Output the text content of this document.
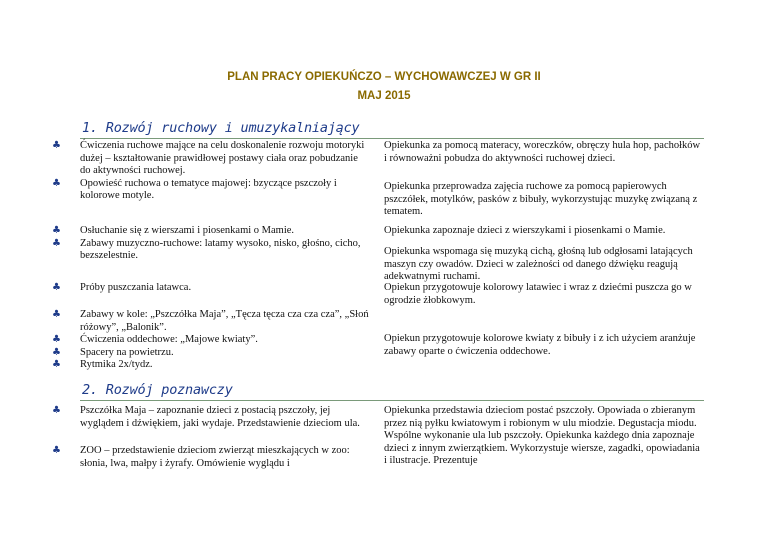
PLAN PRACY OPIEKUŃCZO – WYCHOWAWCZEJ W GR II
MAJ 2015
1. Rozwój ruchowy i umuzykalniający
♣ Ćwiczenia ruchowe mające na celu doskonalenie rozwoju motoryki dużej – kształtowanie prawidłowej postawy ciała oraz pobudzanie do aktywności ruchowej.
♣ Opowieść ruchowa o tematyce majowej: bzyczące pszczoły i kolorowe motyle.
♣ Osłuchanie się z wierszami i piosenkami o Mamie.
♣ Zabawy muzyczno-ruchowe: latamy wysoko, nisko, głośno, cicho, bezszelestnie.
♣ Próby puszczania latawca.
♣ Zabawy w kole: „Pszczółka Maja”, „Tęcza tęcza cza cza cza”, „Słoń różowy”, „Balonik”.
♣ Ćwiczenia oddechowe: „Majowe kwiaty”.
♣ Spacery na powietrzu.
♣ Rytmika 2x/tydz.
Opiekunka za pomocą materacy, woreczków, obręczy hula hop, pachołków i równoważni pobudza do aktywności ruchowej dzieci.
Opiekunka przeprowadza zajęcia ruchowe za pomocą papierowych pszczółek, motylków, pasków z bibuły, wykorzystując muzykę związaną z tematem.
Opiekunka zapoznaje dzieci z wierszykami i piosenkami o Mamie.
Opiekunka wspomaga się muzyką cichą, głośną lub odgłosami latających maszyn czy owadów. Dzieci w zależności od danego dźwięku reagują adekwatnymi ruchami.
Opiekun przygotowuje kolorowy latawiec i wraz z dziećmi puszcza go w ogrodzie żłobkowym.
Opiekun przygotowuje kolorowe kwiaty z bibuły i z ich użyciem aranżuje zabawy oparte o ćwiczenia oddechowe.
2. Rozwój poznawczy
♣ Pszczółka Maja – zapoznanie dzieci z postacią pszczoły, jej wyglądem i dźwiękiem, jaki wydaje. Przedstawienie dzieciom ula.
♣ ZOO – przedstawienie dzieciom zwierząt mieszkających w zoo: słonia, lwa, małpy i żyrafy. Omówienie wyglądu i
Opiekunka przedstawia dzieciom postać pszczoły. Opowiada o zbieranym przez nią pyłku kwiatowym i robionym w ulu miodzie. Degustacja miodu. Wspólne wykonanie ula lub pszczoły. Opiekunka każdego dnia zapoznaje dzieci z innym zwierzątkiem. Wykorzystuje wiersze, zagadki, opowiadania i ilustracje. Prezentuje
